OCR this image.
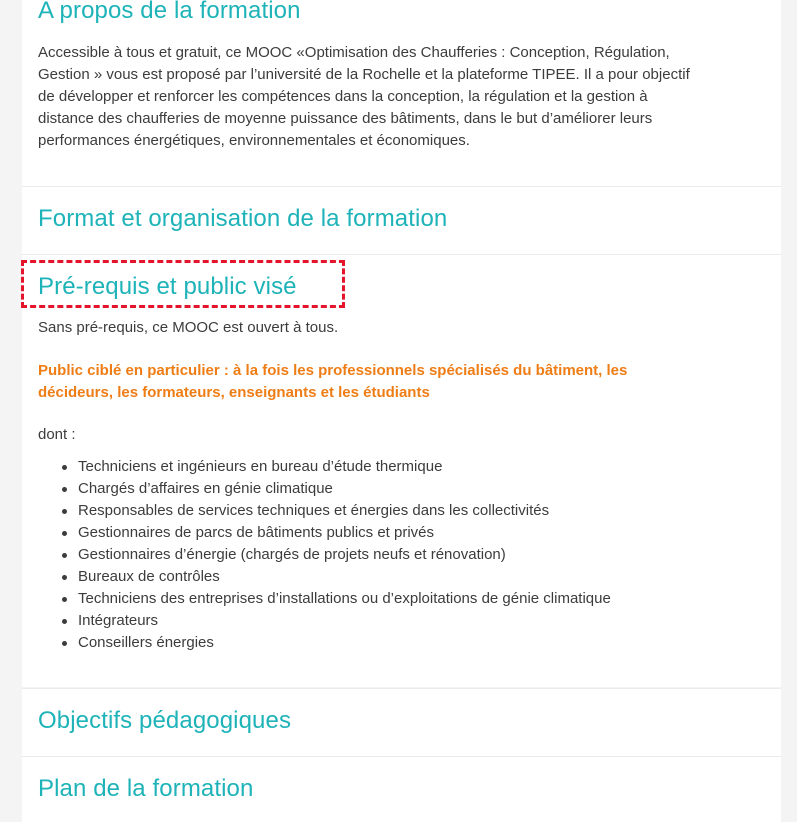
A propos de la formation
Accessible à tous et gratuit, ce MOOC «Optimisation des Chaufferies : Conception, Régulation,
Gestion » vous est proposé par l’université de la Rochelle et la plateforme TIPEE. Il a pour objectif
de développer et renforcer les compétences dans la conception, la régulation et la gestion à
distance des chaufferies de moyenne puissance des bâtiments, dans le but d’améliorer leurs
performances énergétiques, environnementales et économiques.
Format et organisation de la formation
Pré-requis et public visé
Sans pré-requis, ce MOOC est ouvert à tous.
Public ciblé en particulier : à la fois les professionnels spécialisés du bâtiment, les
décideurs, les formateurs, enseignants et les étudiants
dont :
Techniciens et ingénieurs en bureau d’étude thermique
Chargés d’affaires en génie climatique
Responsables de services techniques et énergies dans les collectivités
Gestionnaires de parcs de bâtiments publics et privés
Gestionnaires d’énergie (chargés de projets neufs et rénovation)
Bureaux de contrôles
Techniciens des entreprises d’installations ou d’exploitations de génie climatique
Intégrateurs
Conseillers énergies
Objectifs pédagogiques
Plan de la formation
